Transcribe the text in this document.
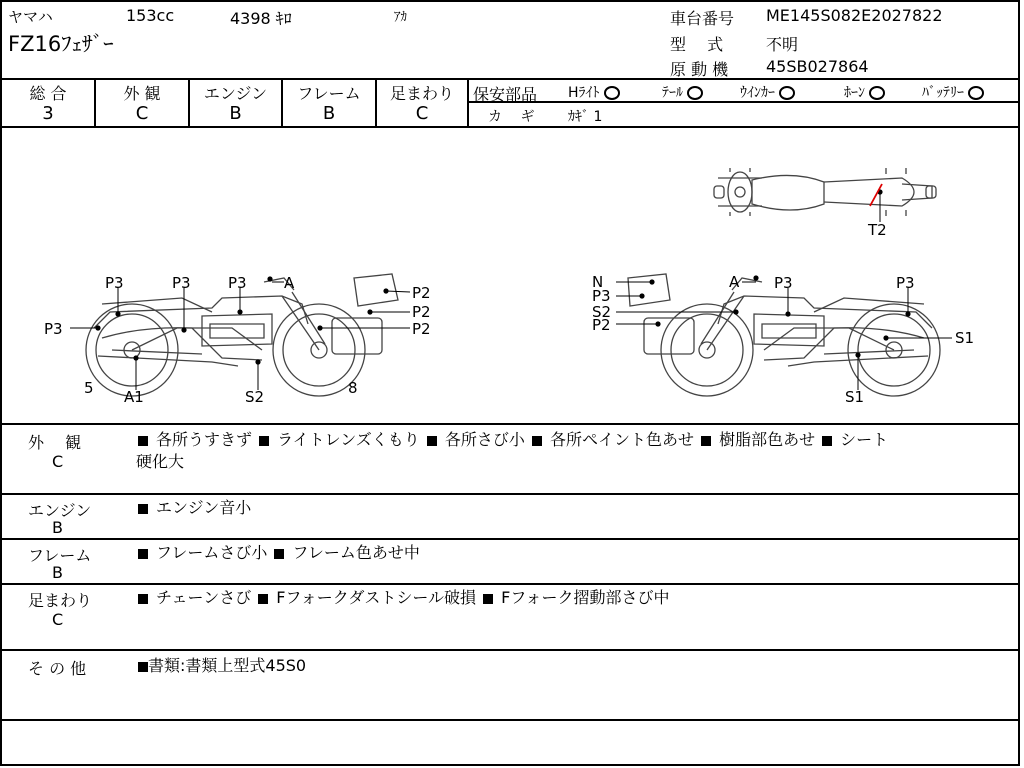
ヤマハ	153cc	4398 ｷﾛ	ｱｶ
FZ16ﾌｪｻﾞｰ
車台番号 ME145S082E2027822
型　 式	不明
原 動 機 45SB027864
総 合
3
外 観
C
エンジン
B
フレーム
B
足まわり
C
保安部品 Hﾗｲﾄ	ﾃｰﾙ	ｳｲﾝｶｰ	ﾎｰﾝ	ﾊﾞｯﾃﾘｰ
カ　 ギ ｶｷﾞ 1
P3	P3 P3 A
P2
P2
P2
P3
5 A1	S2	8
N
P3
S2
P2
A P3	P3
S1
S1
T2
外　 観
C
各所うすきず ライトレンズくもり 各所さび小 各所ペイント色あせ 樹脂部色あせ シート
硬化大
エンジン
B
エンジン音小
フレーム
B
フレームさび小 フレーム色あせ中
足まわり
C
チェーンさび Fフォークダストシール破損 Fフォーク摺動部さび中
そ の 他	書類:書類上型式45S0
